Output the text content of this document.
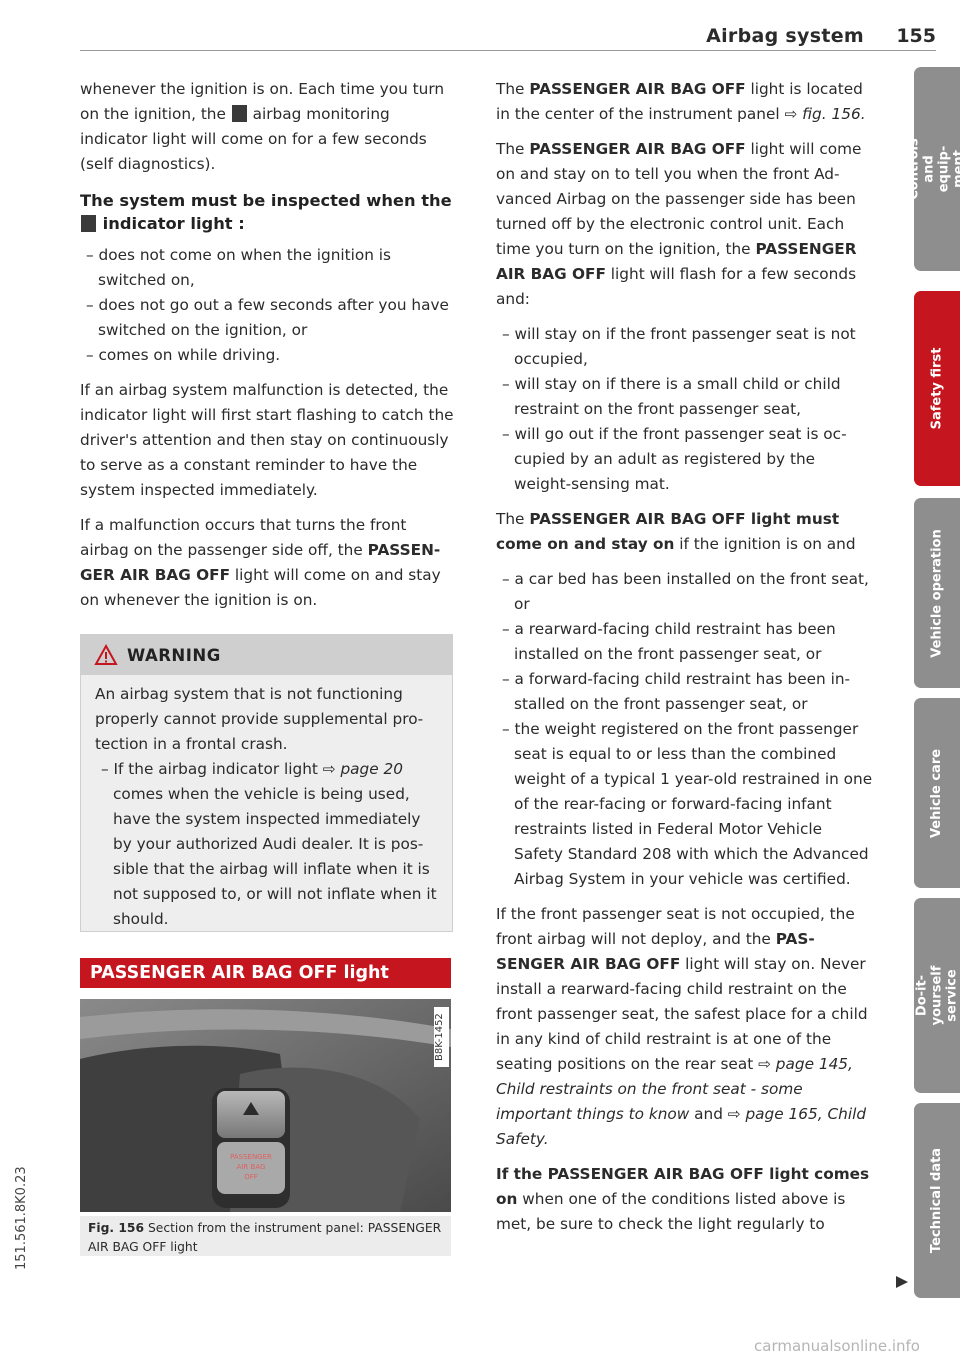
Airbag system 155

whenever the ignition is on. Each time you turn on the ignition, the  airbag monitoring indicator light will come on for a few seconds (self diagnostics).

The system must be inspected when the
indicator light :
– does not come on when the ignition is switched on,
– does not go out a few seconds after you have switched on the ignition, or
– comes on while driving.

If an airbag system malfunction is detected, the indicator light will first start flashing to catch the driver's attention and then stay on continuously to serve as a constant reminder to have the system inspected immediately.

If a malfunction occurs that turns the front airbag on the passenger side off, the PASSENGER AIR BAG OFF light will come on and stay on whenever the ignition is on.

WARNING

An airbag system that is not functioning properly cannot provide supplemental protection in a frontal crash.

– If the airbag indicator light ⇨ page 20 comes when the vehicle is being used, have the system inspected immediately by your authorized Audi dealer. It is possible that the airbag will inflate when it is not supposed to, or will not inflate when it should.
PASSENGER AIR BAG OFF light
PASSENGER
AIR BAG
OFF
B8K-1452
Fig. 156 Section from the instrument panel: PASSENGER AIR BAG OFF light

The PASSENGER AIR BAG OFF light is located in the center of the instrument panel ⇨ fig. 156.

The PASSENGER AIR BAG OFF light will come on and stay on to tell you when the front Advanced Airbag on the passenger side has been turned off by the electronic control unit. Each time you turn on the ignition, the PASSENGER AIR BAG OFF light will flash for a few seconds and:

– will stay on if the front passenger seat is not occupied,
– will stay on if there is a small child or child restraint on the front passenger seat,
– will go out if the front passenger seat is occupied by an adult as registered by the weight-sensing mat.

The PASSENGER AIR BAG OFF light must come on and stay on if the ignition is on and

– a car bed has been installed on the front seat, or
– a rearward-facing child restraint has been installed on the front passenger seat, or
– a forward-facing child restraint has been installed on the front passenger seat, or
– the weight registered on the front passenger seat is equal to or less than the combined weight of a typical 1 year-old restrained in one of the rear-facing or forward-facing infant restraints listed in Federal Motor Vehicle Safety Standard 208 with which the Advanced Airbag System in your vehicle was certified.

If the front passenger seat is not occupied, the front airbag will not deploy, and the PASSENGER AIR BAG OFF light will stay on. Never install a rearward-facing child restraint on the front passenger seat, the safest place for a child in any kind of child restraint is at one of the seating positions on the rear seat ⇨ page 145, Child restraints on the front seat - some important things to know and ⇨ page 165, Child Safety.

If the PASSENGER AIR BAG OFF light comes on when one of the conditions listed above is met, be sure to check the light regularly to

Controls and equip-
ment
Safety first
Vehicle operation
Vehicle care
Do-it-yourself
service
Technical data
151.561.8K0.23
carmanualsonline.info
